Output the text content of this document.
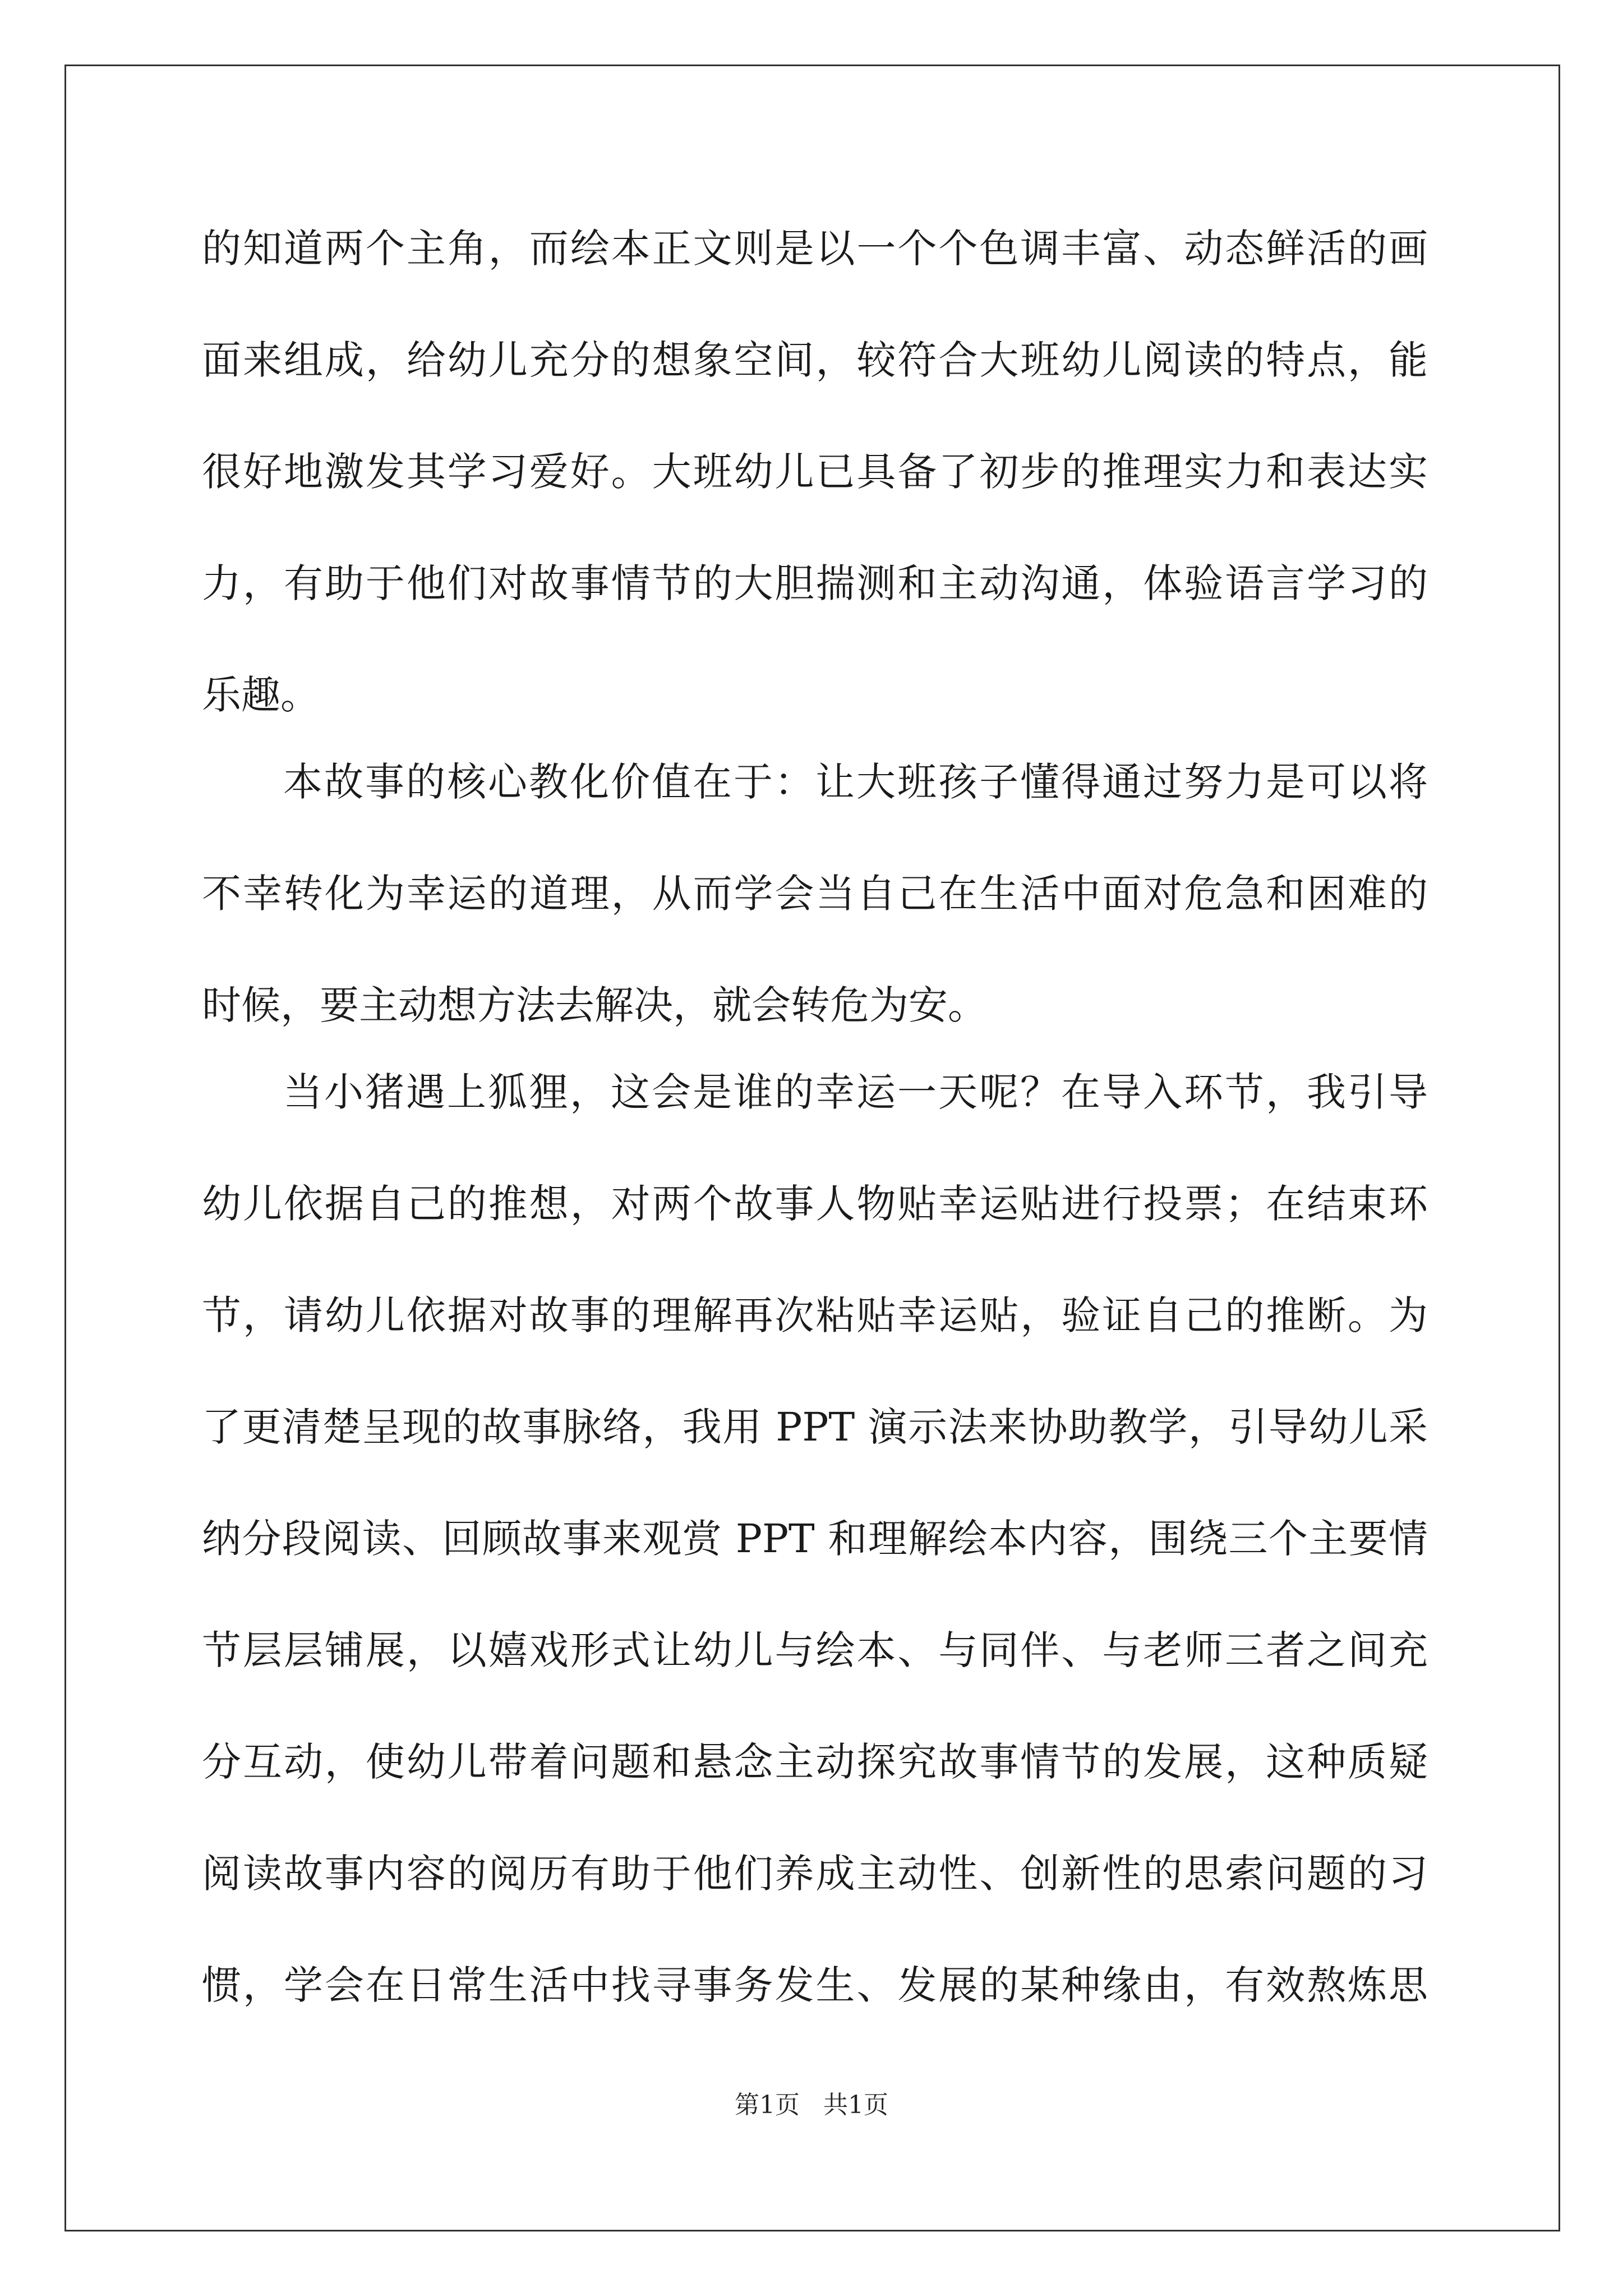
的知道两个主角，而绘本正文则是以一个个色调丰富、动态鲜活的画
面来组成，给幼儿充分的想象空间，较符合大班幼儿阅读的特点，能
很好地激发其学习爱好。大班幼儿已具备了初步的推理实力和表达实
力，有助于他们对故事情节的大胆揣测和主动沟通，体验语言学习的
乐趣。
本故事的核心教化价值在于：让大班孩子懂得通过努力是可以将
不幸转化为幸运的道理，从而学会当自己在生活中面对危急和困难的
时候，要主动想方法去解决，就会转危为安。
当小猪遇上狐狸，这会是谁的幸运一天呢？在导入环节，我引导
幼儿依据自己的推想，对两个故事人物贴幸运贴进行投票；在结束环
节，请幼儿依据对故事的理解再次粘贴幸运贴，验证自己的推断。为
了更清楚呈现的故事脉络，我用 PPT 演示法来协助教学，引导幼儿采
纳分段阅读、回顾故事来观赏 PPT 和理解绘本内容，围绕三个主要情
节层层铺展，以嬉戏形式让幼儿与绘本、与同伴、与老师三者之间充
分互动，使幼儿带着问题和悬念主动探究故事情节的发展，这种质疑
阅读故事内容的阅历有助于他们养成主动性、创新性的思索问题的习
惯，学会在日常生活中找寻事务发生、发展的某种缘由，有效熬炼思
第1页   共1页
